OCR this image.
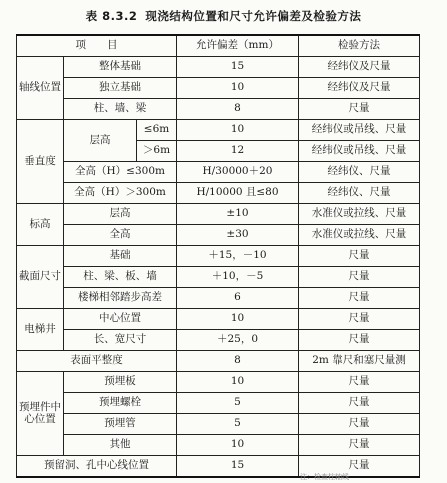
表 8.3.2 现浇结构位置和尺寸允许偏差及检验方法
项　　目			允许偏差（mm）	检验方法
轴线位置	整体基础		15	经纬仪及尺量
	独立基础		10	经纬仪及尺量
	柱、墙、梁		8	尺量
垂直度	层高	≤6m	10	经纬仪或吊线、尺量
		＞6m	12	经纬仪或吊线、尺量
	全高（H）≤300m		H/30000＋20	经纬仪、尺量
	全高（H）＞300m		H/10000 且≤80	经纬仪、尺量
标高	层高		±10	水准仪或拉线、尺量
	全高		±30	水准仪或拉线、尺量
截面尺寸	基础		＋15，－10	尺量
	柱、梁、板、墙		＋10，－5	尺量
	楼梯相邻踏步高差		6	尺量
电梯井	中心位置		10	尺量
	长、宽尺寸		＋25，0	尺量
表面平整度			8	2m 靠尺和塞尺量测
预埋件中心位置	预埋板		10	尺量
	预埋螺栓		5	尺量
	预埋管		5	尺量
	其他		10	尺量
预留洞、孔中心线位置			15	尺量
注：检查柱轴线
